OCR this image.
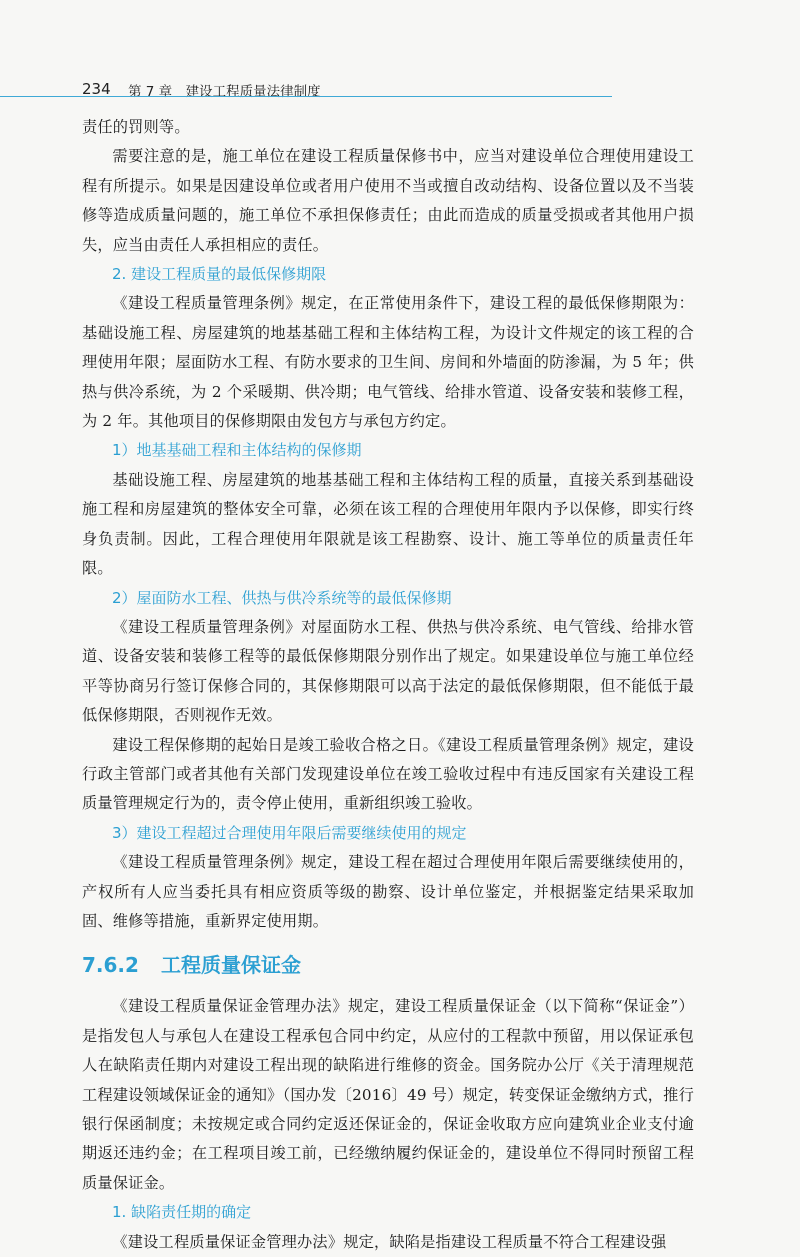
234 第 7 章　建设工程质量法律制度

责任的罚则等。

需要注意的是，施工单位在建设工程质量保修书中，应当对建设单位合理使用建设工程有所提示。如果是因建设单位或者用户使用不当或擅自改动结构、设备位置以及不当装修等造成质量问题的，施工单位不承担保修责任；由此而造成的质量受损或者其他用户损失，应当由责任人承担相应的责任。

2. 建设工程质量的最低保修期限

《建设工程质量管理条例》规定，在正常使用条件下，建设工程的最低保修期限为：基础设施工程、房屋建筑的地基基础工程和主体结构工程，为设计文件规定的该工程的合理使用年限；屋面防水工程、有防水要求的卫生间、房间和外墙面的防渗漏，为 5 年；供热与供冷系统，为 2 个采暖期、供冷期；电气管线、给排水管道、设备安装和装修工程，为 2 年。其他项目的保修期限由发包方与承包方约定。

1）地基基础工程和主体结构的保修期

基础设施工程、房屋建筑的地基基础工程和主体结构工程的质量，直接关系到基础设施工程和房屋建筑的整体安全可靠，必须在该工程的合理使用年限内予以保修，即实行终身负责制。因此，工程合理使用年限就是该工程勘察、设计、施工等单位的质量责任年限。

2）屋面防水工程、供热与供冷系统等的最低保修期

《建设工程质量管理条例》对屋面防水工程、供热与供冷系统、电气管线、给排水管道、设备安装和装修工程等的最低保修期限分别作出了规定。如果建设单位与施工单位经平等协商另行签订保修合同的，其保修期限可以高于法定的最低保修期限，但不能低于最低保修期限，否则视作无效。

建设工程保修期的起始日是竣工验收合格之日。《建设工程质量管理条例》规定，建设行政主管部门或者其他有关部门发现建设单位在竣工验收过程中有违反国家有关建设工程质量管理规定行为的，责令停止使用，重新组织竣工验收。

3）建设工程超过合理使用年限后需要继续使用的规定

《建设工程质量管理条例》规定，建设工程在超过合理使用年限后需要继续使用的，产权所有人应当委托具有相应资质等级的勘察、设计单位鉴定，并根据鉴定结果采取加固、维修等措施，重新界定使用期。

7.6.2 工程质量保证金

《建设工程质量保证金管理办法》规定，建设工程质量保证金（以下简称“保证金”）是指发包人与承包人在建设工程承包合同中约定，从应付的工程款中预留，用以保证承包人在缺陷责任期内对建设工程出现的缺陷进行维修的资金。国务院办公厅《关于清理规范工程建设领域保证金的通知》（国办发〔2016〕49 号）规定，转变保证金缴纳方式，推行银行保函制度；未按规定或合同约定返还保证金的，保证金收取方应向建筑业企业支付逾期返还违约金；在工程项目竣工前，已经缴纳履约保证金的，建设单位不得同时预留工程质量保证金。

1. 缺陷责任期的确定

《建设工程质量保证金管理办法》规定，缺陷是指建设工程质量不符合工程建设强
